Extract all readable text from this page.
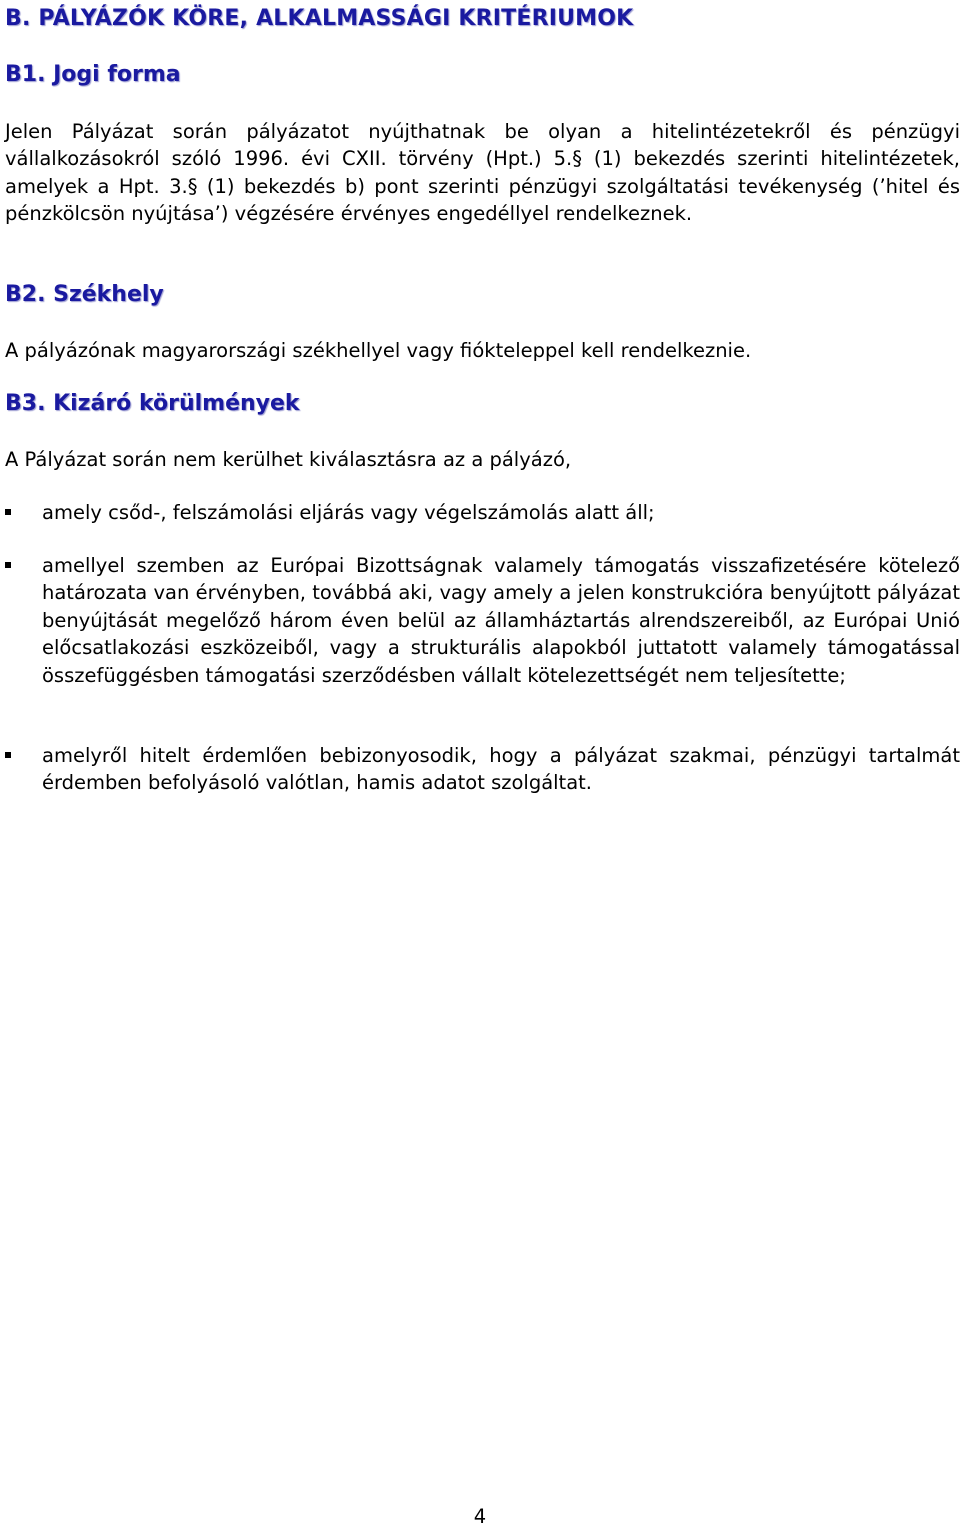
B. PÁLYÁZÓK KÖRE, ALKALMASSÁGI KRITÉRIUMOK
B1. Jogi forma

Jelen Pályázat során pályázatot nyújthatnak be olyan a hitelintézetekről és pénzügyi vállalkozásokról szóló 1996. évi CXII. törvény (Hpt.) 5.§ (1) bekezdés szerinti hitelintézetek, amelyek a Hpt. 3.§ (1) bekezdés b) pont szerinti pénzügyi szolgáltatási tevékenység (’hitel és pénzkölcsön nyújtása’) végzésére érvényes engedéllyel rendelkeznek.

B2. Székhely

A pályázónak magyarországi székhellyel vagy fiókteleppel kell rendelkeznie.

B3. Kizáró körülmények

A Pályázat során nem kerülhet kiválasztásra az a pályázó,

amely csőd-, felszámolási eljárás vagy végelszámolás alatt áll;
amellyel szemben az Európai Bizottságnak valamely támogatás visszafizetésére kötelező határozata van érvényben, továbbá aki, vagy amely a jelen konstrukcióra benyújtott pályázat benyújtását megelőző három éven belül az államháztartás alrendszereiből, az Európai Unió előcsatlakozási eszközeiből, vagy a strukturális alapokból juttatott valamely támogatással összefüggésben támogatási szerződésben vállalt kötelezettségét nem teljesítette;
amelyről hitelt érdemlően bebizonyosodik, hogy a pályázat szakmai, pénzügyi tartalmát érdemben befolyásoló valótlan, hamis adatot szolgáltat.
4
